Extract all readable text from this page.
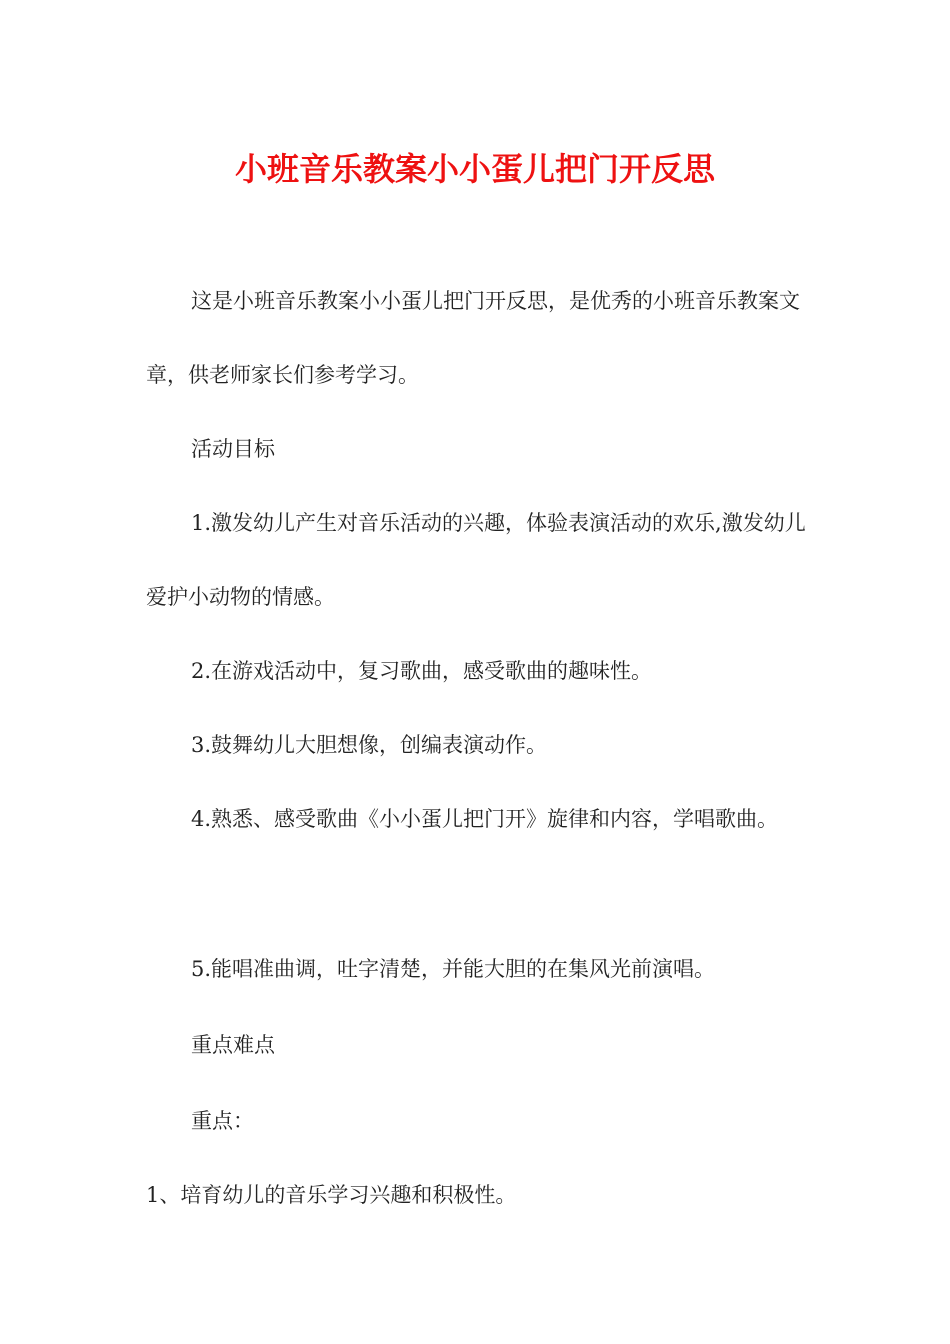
小班音乐教案小小蛋儿把门开反思

这是小班音乐教案小小蛋儿把门开反思，是优秀的小班音乐教案文章，供老师家长们参考学习。

活动目标

1.激发幼儿产生对音乐活动的兴趣，体验表演活动的欢乐,激发幼儿爱护小动物的情感。

2.在游戏活动中，复习歌曲，感受歌曲的趣味性。

3.鼓舞幼儿大胆想像，创编表演动作。

4.熟悉、感受歌曲《小小蛋儿把门开》旋律和内容，学唱歌曲。

5.能唱准曲调，吐字清楚，并能大胆的在集风光前演唱。

重点难点

重点：

1、培育幼儿的音乐学习兴趣和积极性。
